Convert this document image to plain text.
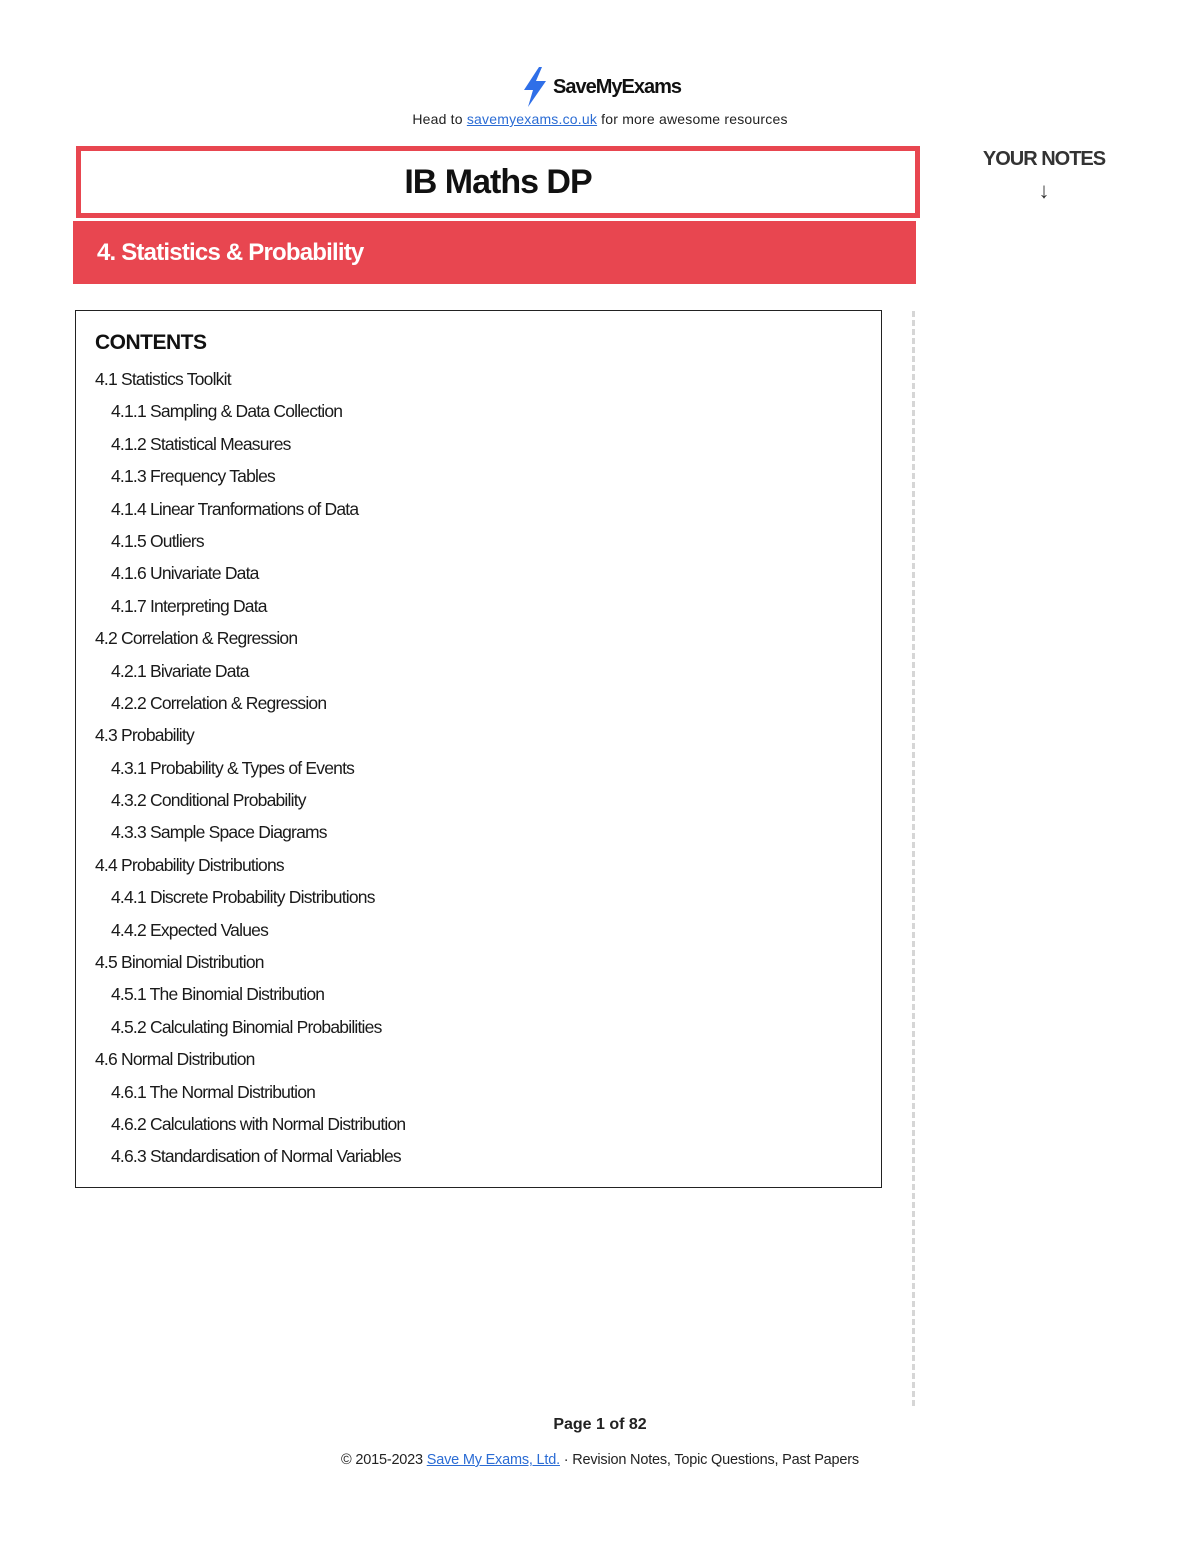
SaveMyExams
Head to savemyexams.co.uk for more awesome resources
IB Maths DP
4. Statistics & Probability
YOUR NOTES
↓
CONTENTS
4.1 Statistics Toolkit
4.1.1 Sampling & Data Collection
4.1.2 Statistical Measures
4.1.3 Frequency Tables
4.1.4 Linear Tranformations of Data
4.1.5 Outliers
4.1.6 Univariate Data
4.1.7 Interpreting Data
4.2 Correlation & Regression
4.2.1 Bivariate Data
4.2.2 Correlation & Regression
4.3 Probability
4.3.1 Probability & Types of Events
4.3.2 Conditional Probability
4.3.3 Sample Space Diagrams
4.4 Probability Distributions
4.4.1 Discrete Probability Distributions
4.4.2 Expected Values
4.5 Binomial Distribution
4.5.1 The Binomial Distribution
4.5.2 Calculating Binomial Probabilities
4.6 Normal Distribution
4.6.1 The Normal Distribution
4.6.2 Calculations with Normal Distribution
4.6.3 Standardisation of Normal Variables
Page 1 of 82
© 2015-2023 Save My Exams, Ltd. · Revision Notes, Topic Questions, Past Papers
